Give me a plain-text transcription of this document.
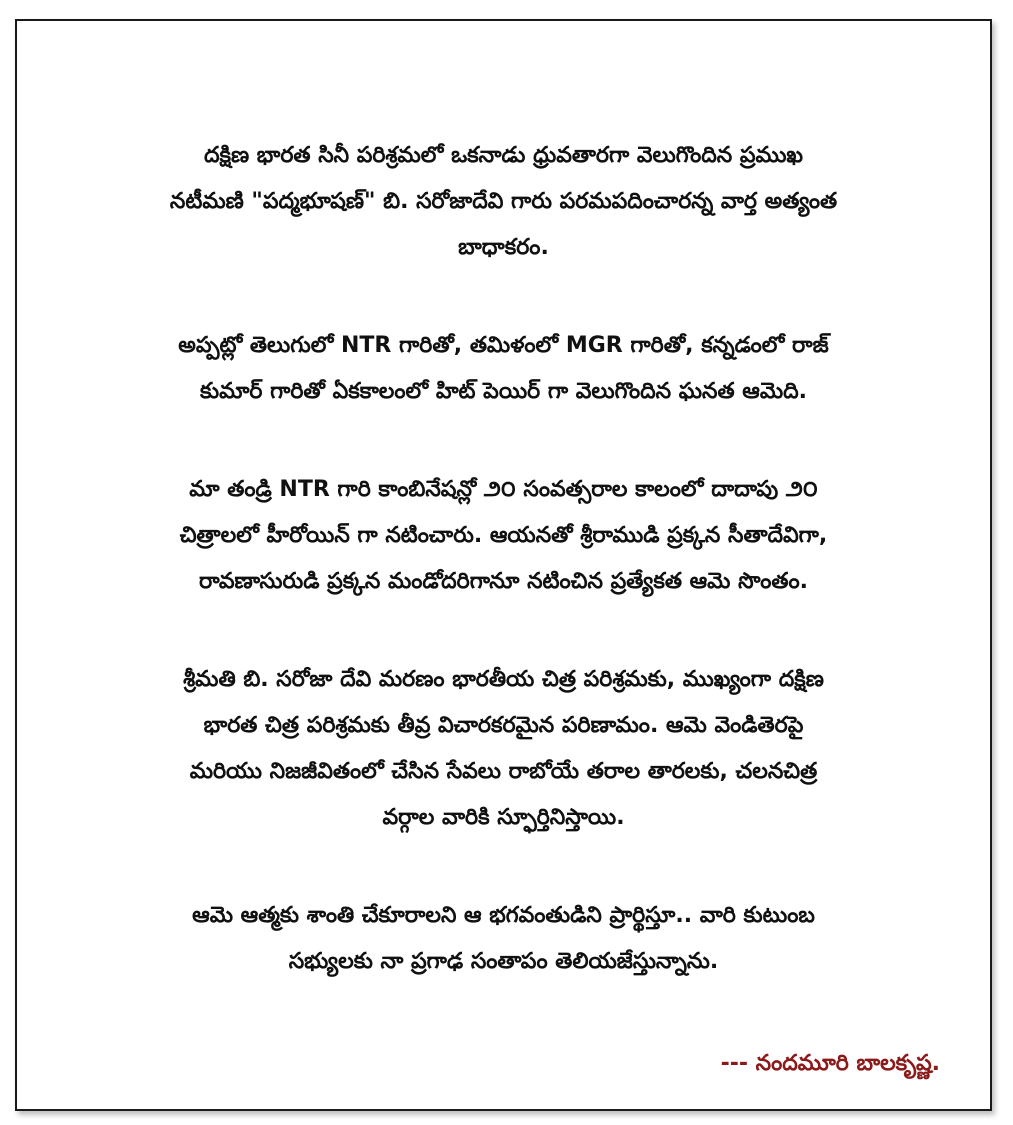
దక్షిణ భారత సినీ పరిశ్రమలో ఒకనాడు ధ్రువతారగా వెలుగొందిన ప్రముఖ
నటీమణి "పద్మభూషణ్" బి. సరోజాదేవి గారు పరమపదించారన్న వార్త అత్యంత
బాధాకరం.

అప్పట్లో తెలుగులో NTR గారితో, తమిళంలో MGR గారితో, కన్నడంలో రాజ్
కుమార్ గారితో ఏకకాలంలో హిట్ పెయిర్ గా వెలుగొందిన ఘనత ఆమెది.

మా తండ్రి NTR గారి కాంబినేషన్లో ౨౦ సంవత్సరాల కాలంలో దాదాపు ౨౦
చిత్రాలలో హీరోయిన్ గా నటించారు. ఆయనతో శ్రీరాముడి ప్రక్కన సీతాదేవిగా,
రావణాసురుడి ప్రక్కన మండోదరిగానూ నటించిన ప్రత్యేకత ఆమె సొంతం.

శ్రీమతి బి. సరోజా దేవి మరణం భారతీయ చిత్ర పరిశ్రమకు, ముఖ్యంగా దక్షిణ
భారత చిత్ర పరిశ్రమకు తీవ్ర విచారకరమైన పరిణామం. ఆమె వెండితెరపై
మరియు నిజజీవితంలో చేసిన సేవలు రాబోయే తరాల తారలకు, చలనచిత్ర
వర్గాల వారికి స్ఫూర్తినిస్తాయి.

ఆమె ఆత్మకు శాంతి చేకూరాలని ఆ భగవంతుడిని ప్రార్థిస్తూ.. వారి కుటుంబ
సభ్యులకు నా ప్రగాఢ సంతాపం తెలియజేస్తున్నాను.

--- నందమూరి బాలకృష్ణ.
